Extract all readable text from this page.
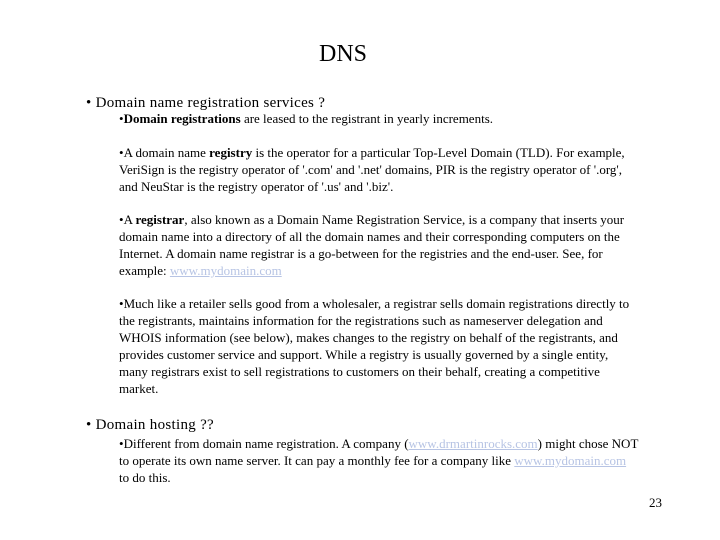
DNS
• Domain name registration services ?

•Domain registrations are leased to the registrant in yearly increments.

•A domain name registry is the operator for a particular Top-Level Domain (TLD). For example, VeriSign is the registry operator of '.com' and '.net' domains, PIR is the registry operator of '.org', and NeuStar is the registry operator of '.us' and '.biz'.

•A registrar, also known as a Domain Name Registration Service, is a company that inserts your domain name into a directory of all the domain names and their corresponding computers on the Internet. A domain name registrar is a go-between for the registries and the end-user. See, for example: www.mydomain.com

•Much like a retailer sells good from a wholesaler, a registrar sells domain registrations directly to the registrants, maintains information for the registrations such as nameserver delegation and WHOIS information (see below), makes changes to the registry on behalf of the registrants, and provides customer service and support. While a registry is usually governed by a single entity, many registrars exist to sell registrations to customers on their behalf, creating a competitive market.

• Domain hosting ??

•Different from domain name registration. A company (www.drmartinrocks.com) might chose NOT to operate its own name server. It can pay a monthly fee for a company like www.mydomain.com to do this.

23
